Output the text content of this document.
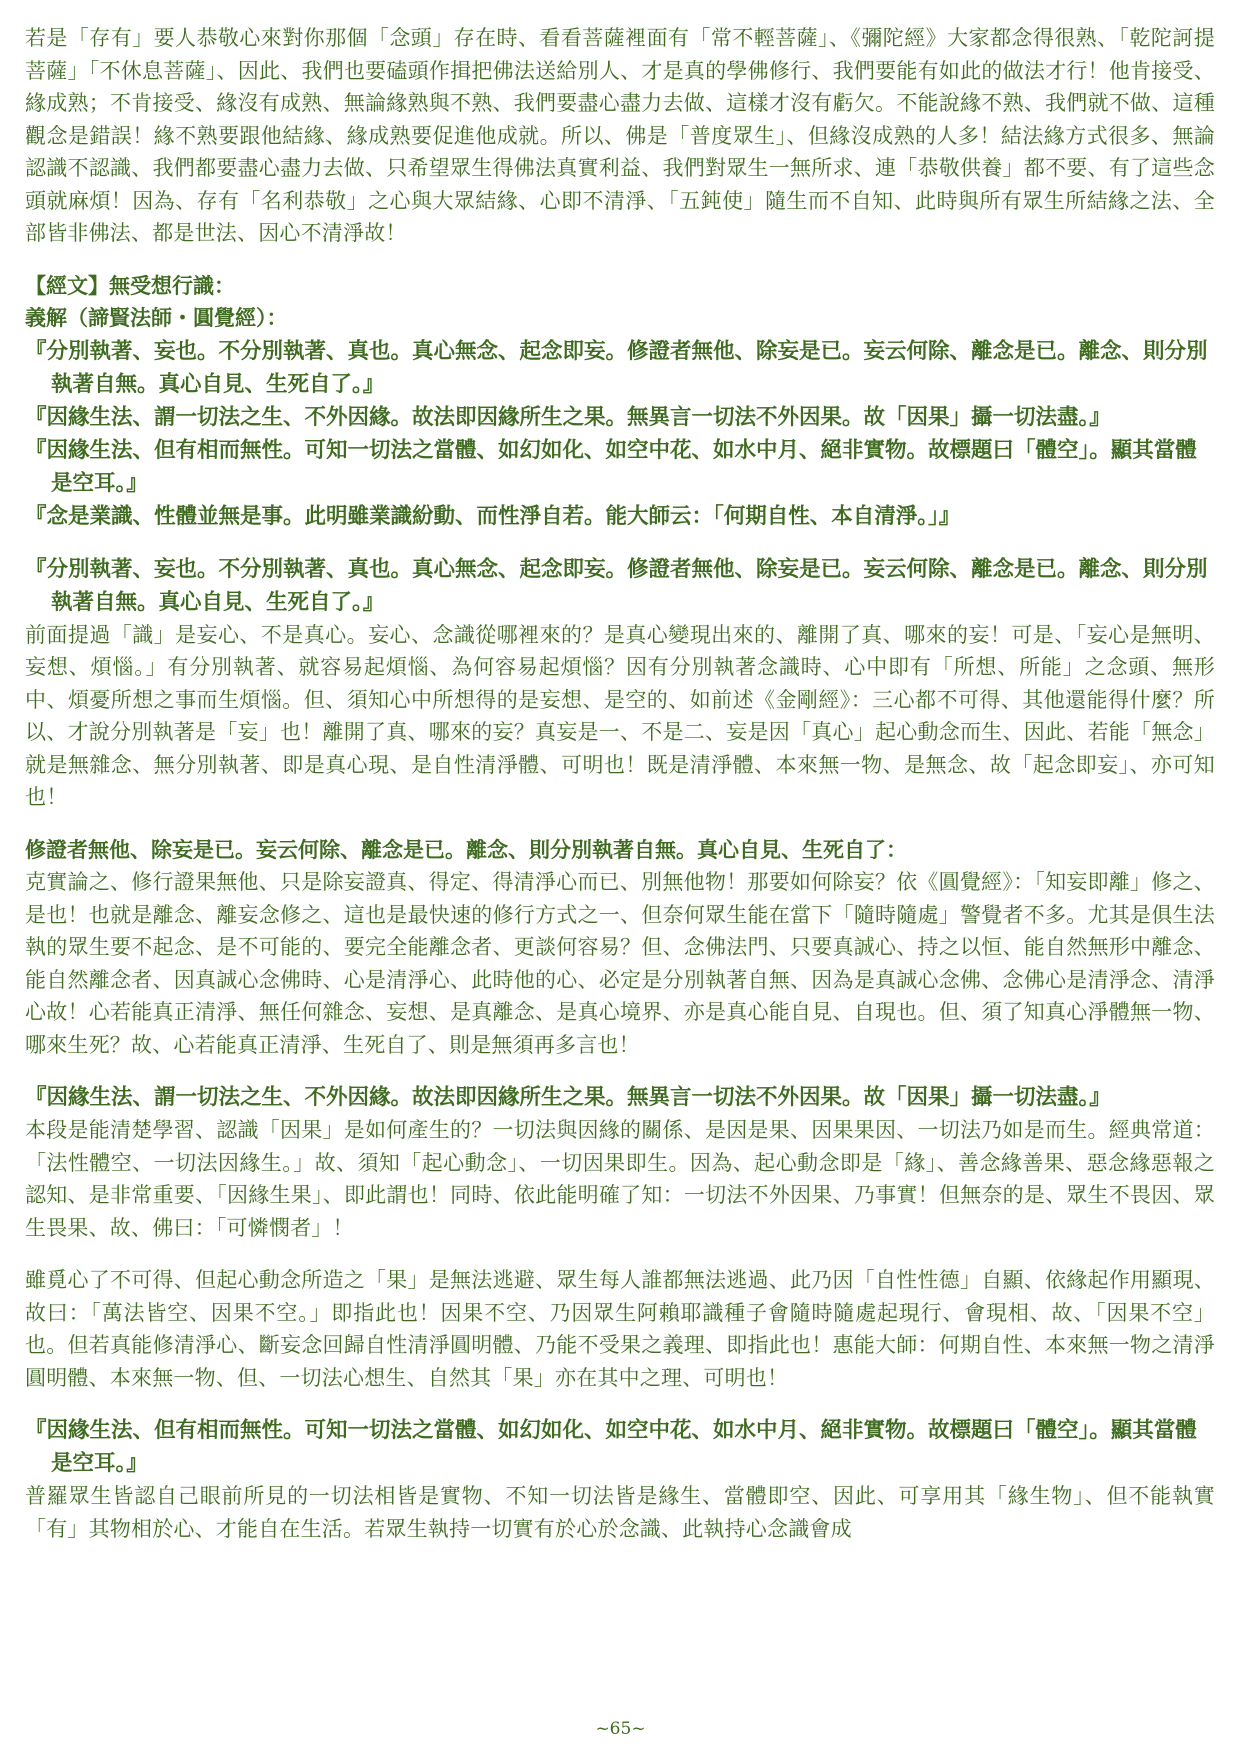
若是「存有」要人恭敬心來對你那個「念頭」存在時、看看菩薩裡面有「常不輕菩薩」、《彌陀經》大家都念得很熟、「乾陀訶提菩薩」「不休息菩薩」、因此、我們也要磕頭作揖把佛法送給別人、才是真的學佛修行、我們要能有如此的做法才行！他肯接受、緣成熟；不肯接受、緣沒有成熟、無論緣熟與不熟、我們要盡心盡力去做、這樣才沒有虧欠。不能說緣不熟、我們就不做、這種觀念是錯誤！緣不熟要跟他結緣、緣成熟要促進他成就。所以、佛是「普度眾生」、但緣沒成熟的人多！結法緣方式很多、無論認識不認識、我們都要盡心盡力去做、只希望眾生得佛法真實利益、我們對眾生一無所求、連「恭敬供養」都不要、有了這些念頭就麻煩！因為、存有「名利恭敬」之心與大眾結緣、心即不清淨、「五鈍使」隨生而不自知、此時與所有眾生所結緣之法、全部皆非佛法、都是世法、因心不清淨故！

【經文】無受想行識：

義解（諦賢法師・圓覺經）：

『分別執著、妄也。不分別執著、真也。真心無念、起念即妄。修證者無他、除妄是已。妄云何除、離念是已。離念、則分別執著自無。真心自見、生死自了。』

『因緣生法、謂一切法之生、不外因緣。故法即因緣所生之果。無異言一切法不外因果。故「因果」攝一切法盡。』

『因緣生法、但有相而無性。可知一切法之當體、如幻如化、如空中花、如水中月、絕非實物。故標題曰「體空」。顯其當體是空耳。』

『念是業識、性體並無是事。此明雖業識紛動、而性淨自若。能大師云：「何期自性、本自清淨。」』

『分別執著、妄也。不分別執著、真也。真心無念、起念即妄。修證者無他、除妄是已。妄云何除、離念是已。離念、則分別執著自無。真心自見、生死自了。』

前面提過「識」是妄心、不是真心。妄心、念識從哪裡來的？是真心變現出來的、離開了真、哪來的妄！可是、「妄心是無明、妄想、煩惱。」有分別執著、就容易起煩惱、為何容易起煩惱？因有分別執著念識時、心中即有「所想、所能」之念頭、無形中、煩憂所想之事而生煩惱。但、須知心中所想得的是妄想、是空的、如前述《金剛經》：三心都不可得、其他還能得什麼？所以、才說分別執著是「妄」也！離開了真、哪來的妄？真妄是一、不是二、妄是因「真心」起心動念而生、因此、若能「無念」就是無雜念、無分別執著、即是真心現、是自性清淨體、可明也！既是清淨體、本來無一物、是無念、故「起念即妄」、亦可知也！

修證者無他、除妄是已。妄云何除、離念是已。離念、則分別執著自無。真心自見、生死自了：

克實論之、修行證果無他、只是除妄證真、得定、得清淨心而已、別無他物！那要如何除妄？依《圓覺經》：「知妄即離」修之、是也！也就是離念、離妄念修之、這也是最快速的修行方式之一、但奈何眾生能在當下「隨時隨處」警覺者不多。尤其是俱生法執的眾生要不起念、是不可能的、要完全能離念者、更談何容易？但、念佛法門、只要真誠心、持之以恒、能自然無形中離念、能自然離念者、因真誠心念佛時、心是清淨心、此時他的心、必定是分別執著自無、因為是真誠心念佛、念佛心是清淨念、清淨心故！心若能真正清淨、無任何雜念、妄想、是真離念、是真心境界、亦是真心能自見、自現也。但、須了知真心淨體無一物、哪來生死？故、心若能真正清淨、生死自了、則是無須再多言也！

『因緣生法、謂一切法之生、不外因緣。故法即因緣所生之果。無異言一切法不外因果。故「因果」攝一切法盡。』

本段是能清楚學習、認識「因果」是如何產生的？一切法與因緣的關係、是因是果、因果果因、一切法乃如是而生。經典常道：「法性體空、一切法因緣生。」故、須知「起心動念」、一切因果即生。因為、起心動念即是「緣」、善念緣善果、惡念緣惡報之認知、是非常重要、「因緣生果」、即此謂也！同時、依此能明確了知：一切法不外因果、乃事實！但無奈的是、眾生不畏因、眾生畏果、故、佛曰：「可憐憫者」！

雖覓心了不可得、但起心動念所造之「果」是無法逃避、眾生每人誰都無法逃過、此乃因「自性性德」自顯、依緣起作用顯現、故曰：「萬法皆空、因果不空。」即指此也！因果不空、乃因眾生阿賴耶識種子會隨時隨處起現行、會現相、故、「因果不空」也。但若真能修清淨心、斷妄念回歸自性清淨圓明體、乃能不受果之義理、即指此也！惠能大師：何期自性、本來無一物之清淨圓明體、本來無一物、但、一切法心想生、自然其「果」亦在其中之理、可明也！

『因緣生法、但有相而無性。可知一切法之當體、如幻如化、如空中花、如水中月、絕非實物。故標題曰「體空」。顯其當體是空耳。』

普羅眾生皆認自己眼前所見的一切法相皆是實物、不知一切法皆是緣生、當體即空、因此、可享用其「緣生物」、但不能執實「有」其物相於心、才能自在生活。若眾生執持一切實有於心於念識、此執持心念識會成

~65~
